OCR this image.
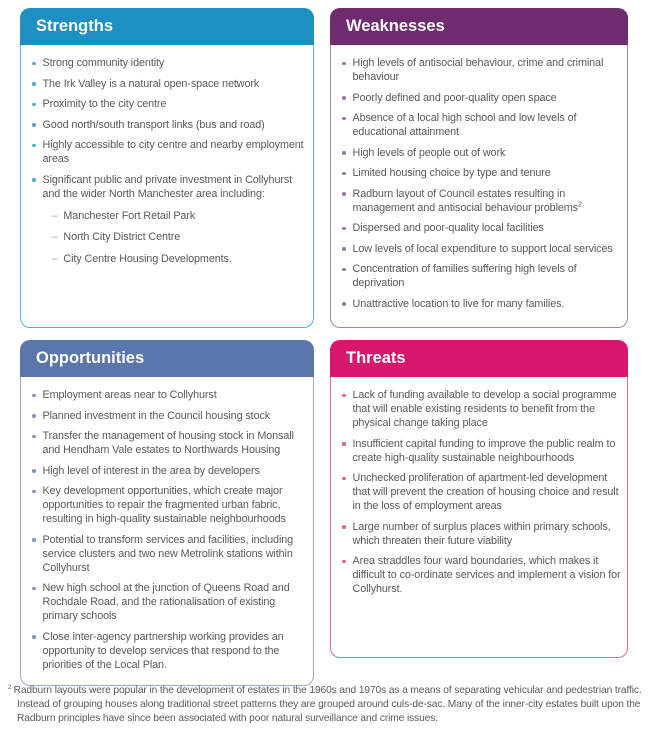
Strengths
Strong community identity
The Irk Valley is a natural open-space network
Proximity to the city centre
Good north/south transport links (bus and road)
Highly accessible to city centre and nearby employment areas
Significant public and private investment in Collyhurst and the wider North Manchester area including:
– Manchester Fort Retail Park
– North City District Centre
– City Centre Housing Developments.
Weaknesses
High levels of antisocial behaviour, crime and criminal behaviour
Poorly defined and poor-quality open space
Absence of a local high school and low levels of educational attainment
High levels of people out of work
Limited housing choice by type and tenure
Radburn layout of Council estates resulting in management and antisocial behaviour problems$^2$
Dispersed and poor-quality local facilities
Low levels of local expenditure to support local services
Concentration of families suffering high levels of deprivation
Unattractive location to live for many families.
Opportunities
Employment areas near to Collyhurst
Planned investment in the Council housing stock
Transfer the management of housing stock in Monsall and Hendham Vale estates to Northwards Housing
High level of interest in the area by developers
Key development opportunities, which create major opportunities to repair the fragmented urban fabric, resulting in high-quality sustainable neighbourhoods
Potential to transform services and facilities, including service clusters and two new Metrolink stations within Collyhurst
New high school at the junction of Queens Road and Rochdale Road, and the rationalisation of existing primary schools
Close inter-agency partnership working provides an opportunity to develop services that respond to the priorities of the Local Plan.
Threats
Lack of funding available to develop a social programme that will enable existing residents to benefit from the physical change taking place
Insufficient capital funding to improve the public realm to create high-quality sustainable neighbourhoods
Unchecked proliferation of apartment-led development that will prevent the creation of housing choice and result in the loss of employment areas
Large number of surplus places within primary schools, which threaten their future viability
Area straddles four ward boundaries, which makes it difficult to co-ordinate services and implement a vision for Collyhurst.

$^2$ Radburn layouts were popular in the development of estates in the 1960s and 1970s as a means of separating vehicular and pedestrian traffic. Instead of grouping houses along traditional street patterns they are grouped around culs-de-sac. Many of the inner-city estates built upon the Radburn principles have since been associated with poor natural surveillance and crime issues.
